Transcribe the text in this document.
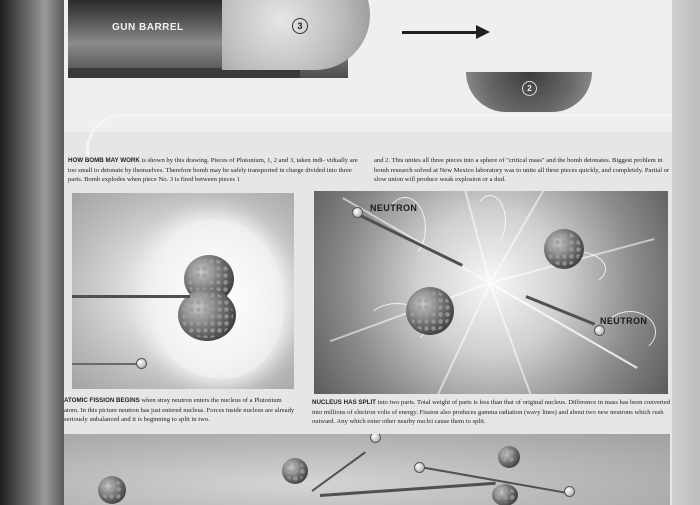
3
GUN BARREL
2

HOW BOMB MAY WORK is shown by this drawing. Pieces of Plutonium, 1, 2 and 3, taken indi- vidually are too small to detonate by themselves. Therefore bomb may be safely transported in charge divided into three parts. Bomb explodes when piece No. 3 is fired between pieces 1

and 2. This unites all three pieces into a sphere of "critical mass" and the bomb detonates. Biggest problem in bomb research solved at New Mexico laboratory was to unite all three pieces quickly, and completely. Partial or slow union will produce weak explosion or a dud.

NEUTRON
NEUTRON

ATOMIC FISSION BEGINS when stray neutron enters the nucleus of a Plutonium atom. In this picture neutron has just entered nucleus. Forces inside nucleus are already seriously unbalanced and it is beginning to split in two.

NUCLEUS HAS SPLIT into two parts. Total weight of parts is less than that of original nucleus. Difference in mass has been converted into millions of electron volts of energy. Fission also produces gamma radiation (wavy lines) and about two new neutrons which rush outward. Any which enter other nearby nuclei cause them to split.
